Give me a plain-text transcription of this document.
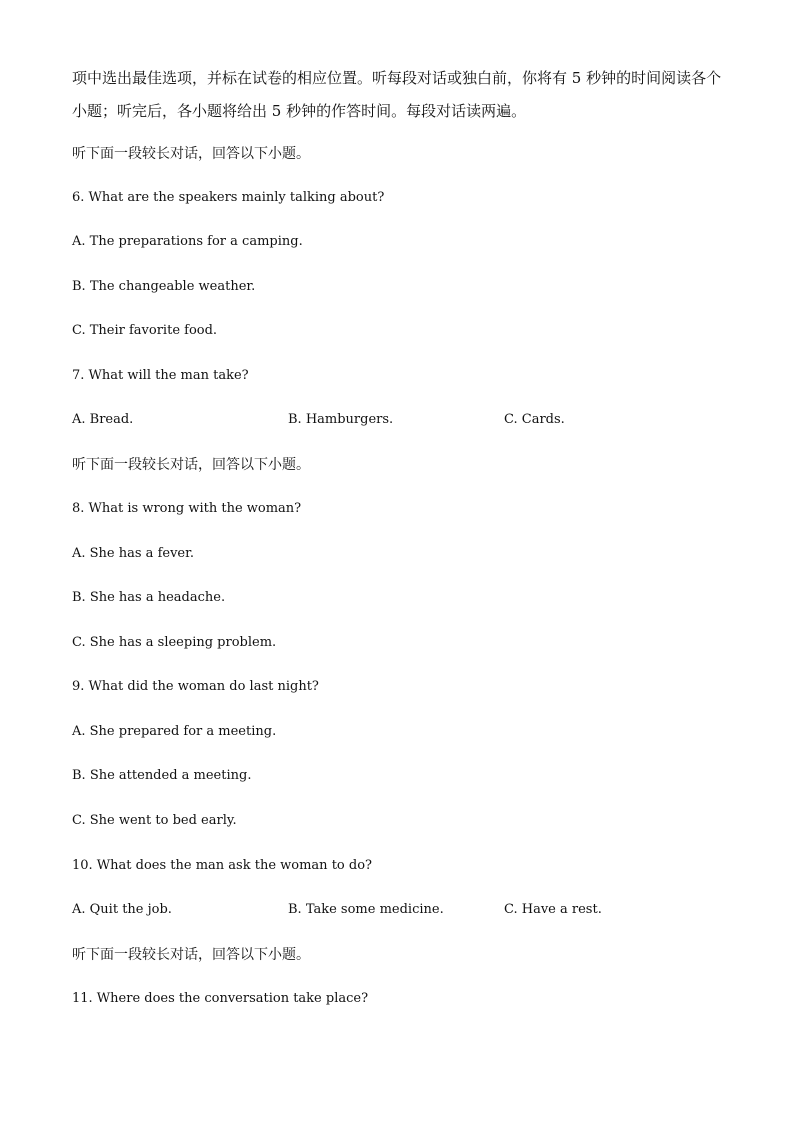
项中选出最佳选项，并标在试卷的相应位置。听每段对话或独白前，你将有 5 秒钟的时间阅读各个小题；听完后，各小题将给出 5 秒钟的作答时间。每段对话读两遍。
听下面一段较长对话，回答以下小题。
6. What are the speakers mainly talking about?
A. The preparations for a camping.
B. The changeable weather.
C. Their favorite food.
7. What will the man take?
A. Bread.	B. Hamburgers.	C. Cards.
听下面一段较长对话，回答以下小题。
8. What is wrong with the woman?
A. She has a fever.
B. She has a headache.
C. She has a sleeping problem.
9. What did the woman do last night?
A. She prepared for a meeting.
B. She attended a meeting.
C. She went to bed early.
10. What does the man ask the woman to do?
A. Quit the job.	B. Take some medicine.	C. Have a rest.
听下面一段较长对话，回答以下小题。
11. Where does the conversation take place?
